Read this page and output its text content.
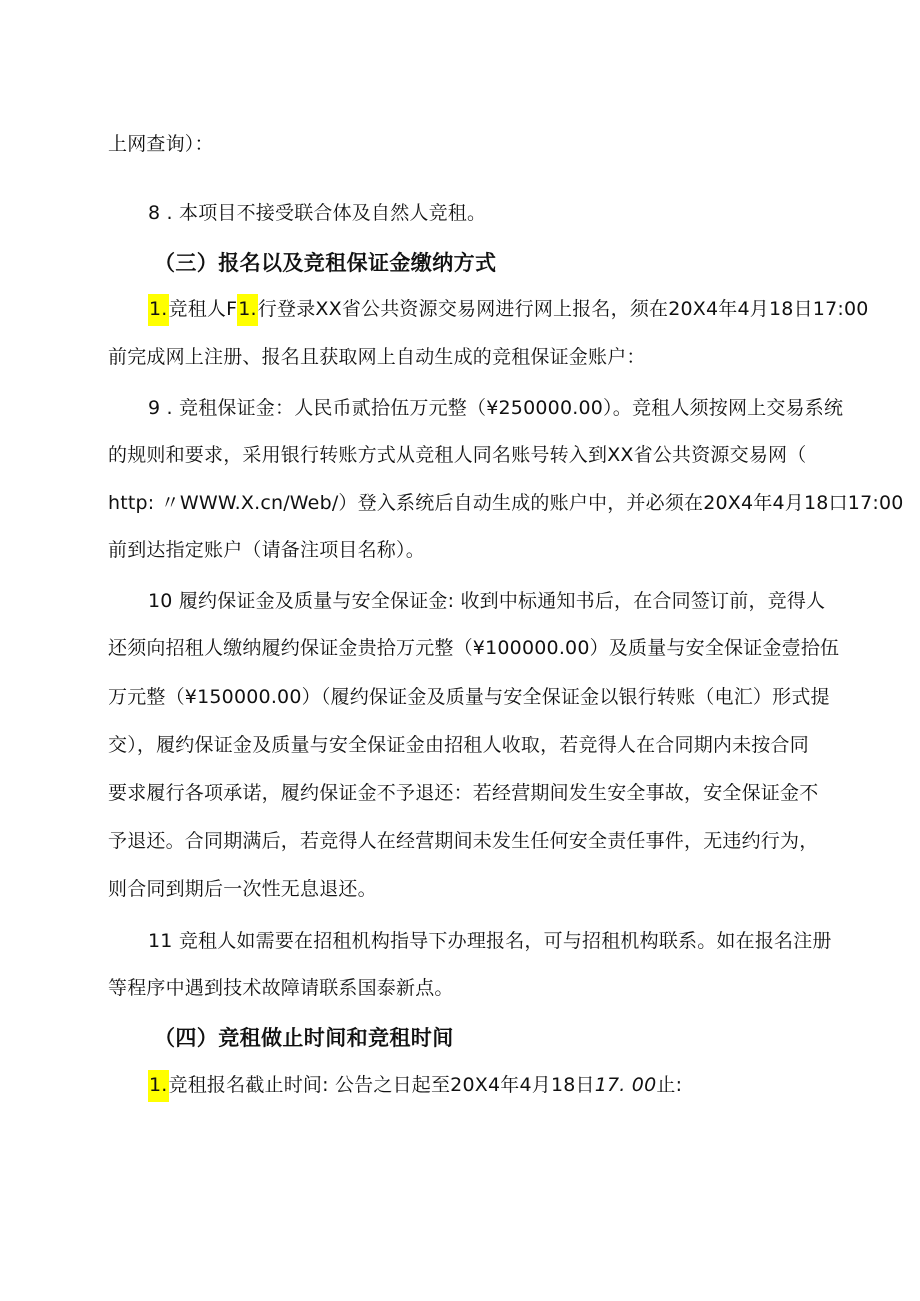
上网查询）：
8 . 本项目不接受联合体及自然人竞租。
（三）报名以及竞租保证金缴纳方式
1.竞租人F1.行登录XX省公共资源交易网进行网上报名，须在20X4年4月18日17:00
前完成网上注册、报名且获取网上自动生成的竞租保证金账户：
9 . 竞租保证金：人民币贰拾伍万元整（¥250000.00）。竞租人须按网上交易系统
的规则和要求，采用银行转账方式从竞租人同名账号转入到XX省公共资源交易网（
http: 〃WWW.X.cn/Web/）登入系统后自动生成的账户中，并必须在20X4年4月18口17:00
前到达指定账户（请备注项目名称）。
10 履约保证金及质量与安全保证金: 收到中标通知书后，在合同签订前，竞得人
还须向招租人缴纳履约保证金贵拾万元整（¥100000.00）及质量与安全保证金壹拾伍
万元整（¥150000.00）（履约保证金及质量与安全保证金以银行转账（电汇）形式提
交），履约保证金及质量与安全保证金由招租人收取，若竞得人在合同期内未按合同
要求履行各项承诺，履约保证金不予退还：若经营期间发生安全事故，安全保证金不
予退还。合同期满后，若竞得人在经营期间未发生任何安全责任事件，无违约行为，
则合同到期后一次性无息退还。
11 竞租人如需要在招租机构指导下办理报名，可与招租机构联系。如在报名注册
等程序中遇到技术故障请联系国泰新点。
（四）竞租做止时间和竞租时间
1.竞租报名截止时间: 公告之日起至20X4年4月18日17. 00止:
